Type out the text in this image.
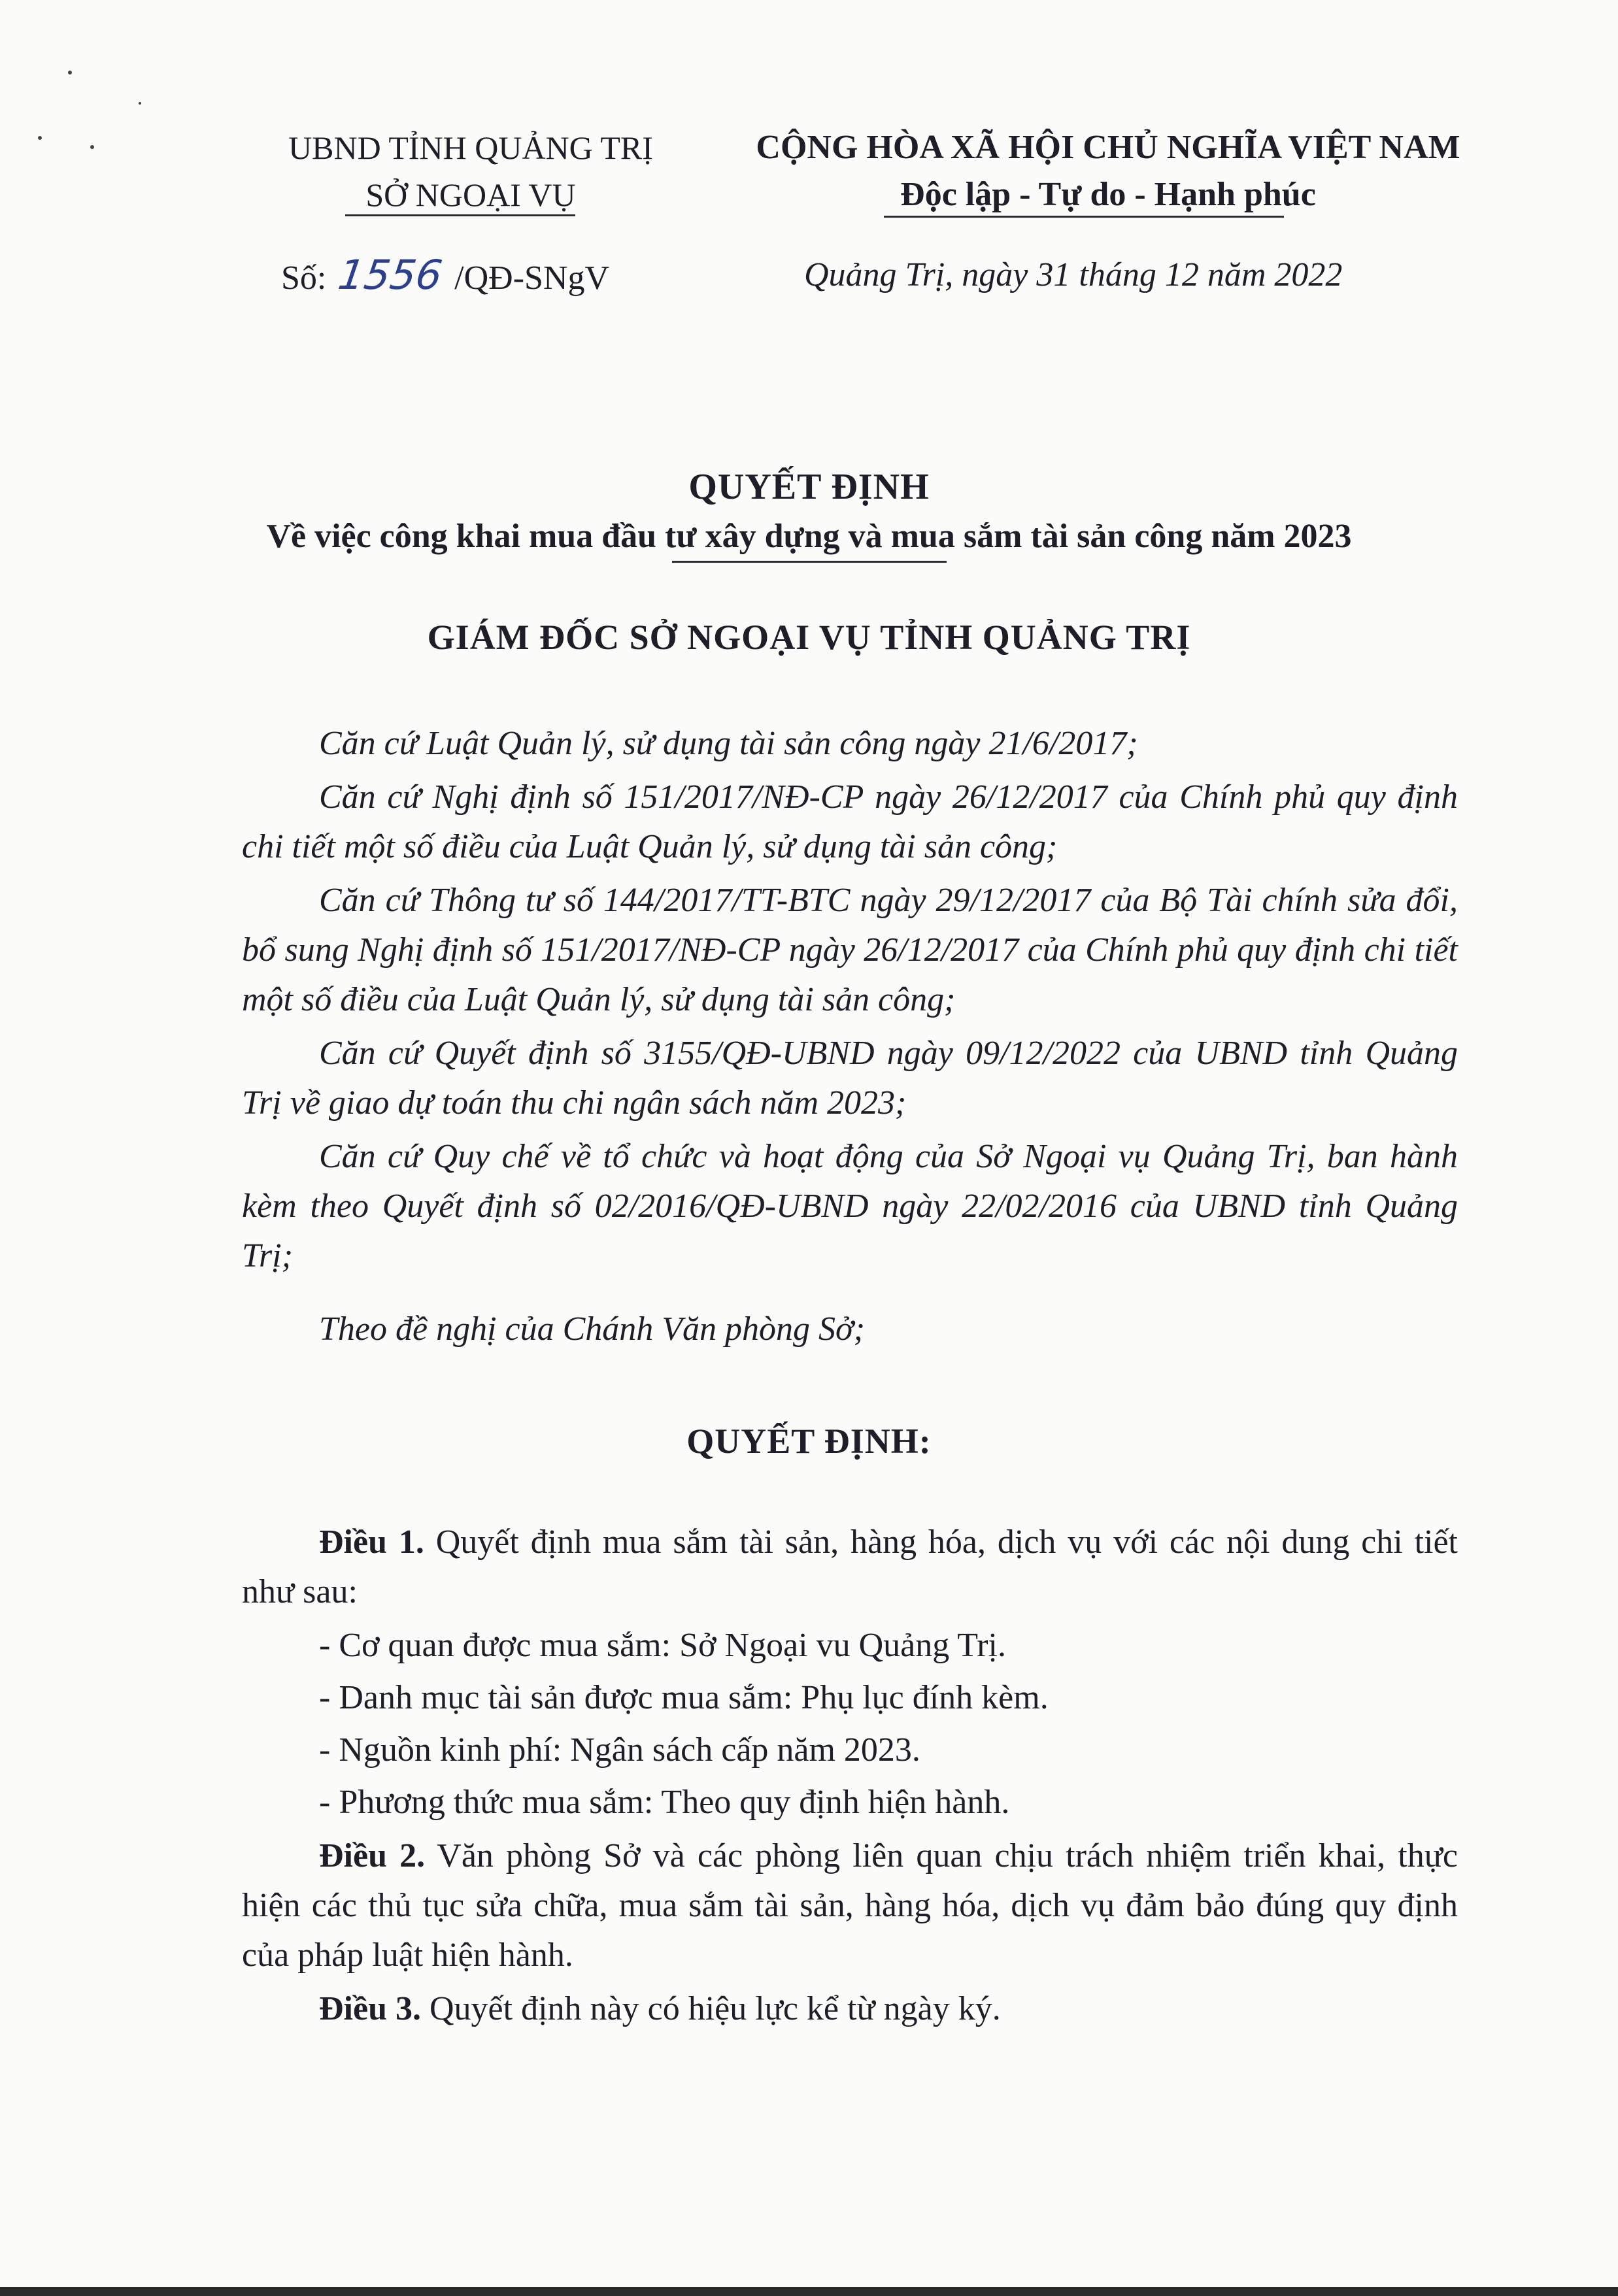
UBND TỈNH QUẢNG TRỊ
SỞ NGOẠI VỤ
CỘNG HÒA XÃ HỘI CHỦ NGHĨA VIỆT NAM
Độc lập - Tự do - Hạnh phúc
Số: 1556 /QĐ-SNgV	Quảng Trị, ngày 31 tháng 12 năm 2022
QUYẾT ĐỊNH
Về việc công khai mua đầu tư xây dựng và mua sắm tài sản công năm 2023
GIÁM ĐỐC SỞ NGOẠI VỤ TỈNH QUẢNG TRỊ

Căn cứ Luật Quản lý, sử dụng tài sản công ngày 21/6/2017;

Căn cứ Nghị định số 151/2017/NĐ-CP ngày 26/12/2017 của Chính phủ quy định chi tiết một số điều của Luật Quản lý, sử dụng tài sản công;

Căn cứ Thông tư số 144/2017/TT-BTC ngày 29/12/2017 của Bộ Tài chính sửa đổi, bổ sung Nghị định số 151/2017/NĐ-CP ngày 26/12/2017 của Chính phủ quy định chi tiết một số điều của Luật Quản lý, sử dụng tài sản công;

Căn cứ Quyết định số 3155/QĐ-UBND ngày 09/12/2022 của UBND tỉnh Quảng Trị về giao dự toán thu chi ngân sách năm 2023;

Căn cứ Quy chế về tổ chức và hoạt động của Sở Ngoại vụ Quảng Trị, ban hành kèm theo Quyết định số 02/2016/QĐ-UBND ngày 22/02/2016 của UBND tỉnh Quảng Trị;

Theo đề nghị của Chánh Văn phòng Sở;

QUYẾT ĐỊNH:

Điều 1. Quyết định mua sắm tài sản, hàng hóa, dịch vụ với các nội dung chi tiết như sau:

- Cơ quan được mua sắm: Sở Ngoại vu Quảng Trị.

- Danh mục tài sản được mua sắm: Phụ lục đính kèm.

- Nguồn kinh phí: Ngân sách cấp năm 2023.

- Phương thức mua sắm: Theo quy định hiện hành.

Điều 2. Văn phòng Sở và các phòng liên quan chịu trách nhiệm triển khai, thực hiện các thủ tục sửa chữa, mua sắm tài sản, hàng hóa, dịch vụ đảm bảo đúng quy định của pháp luật hiện hành.

Điều 3. Quyết định này có hiệu lực kể từ ngày ký.
